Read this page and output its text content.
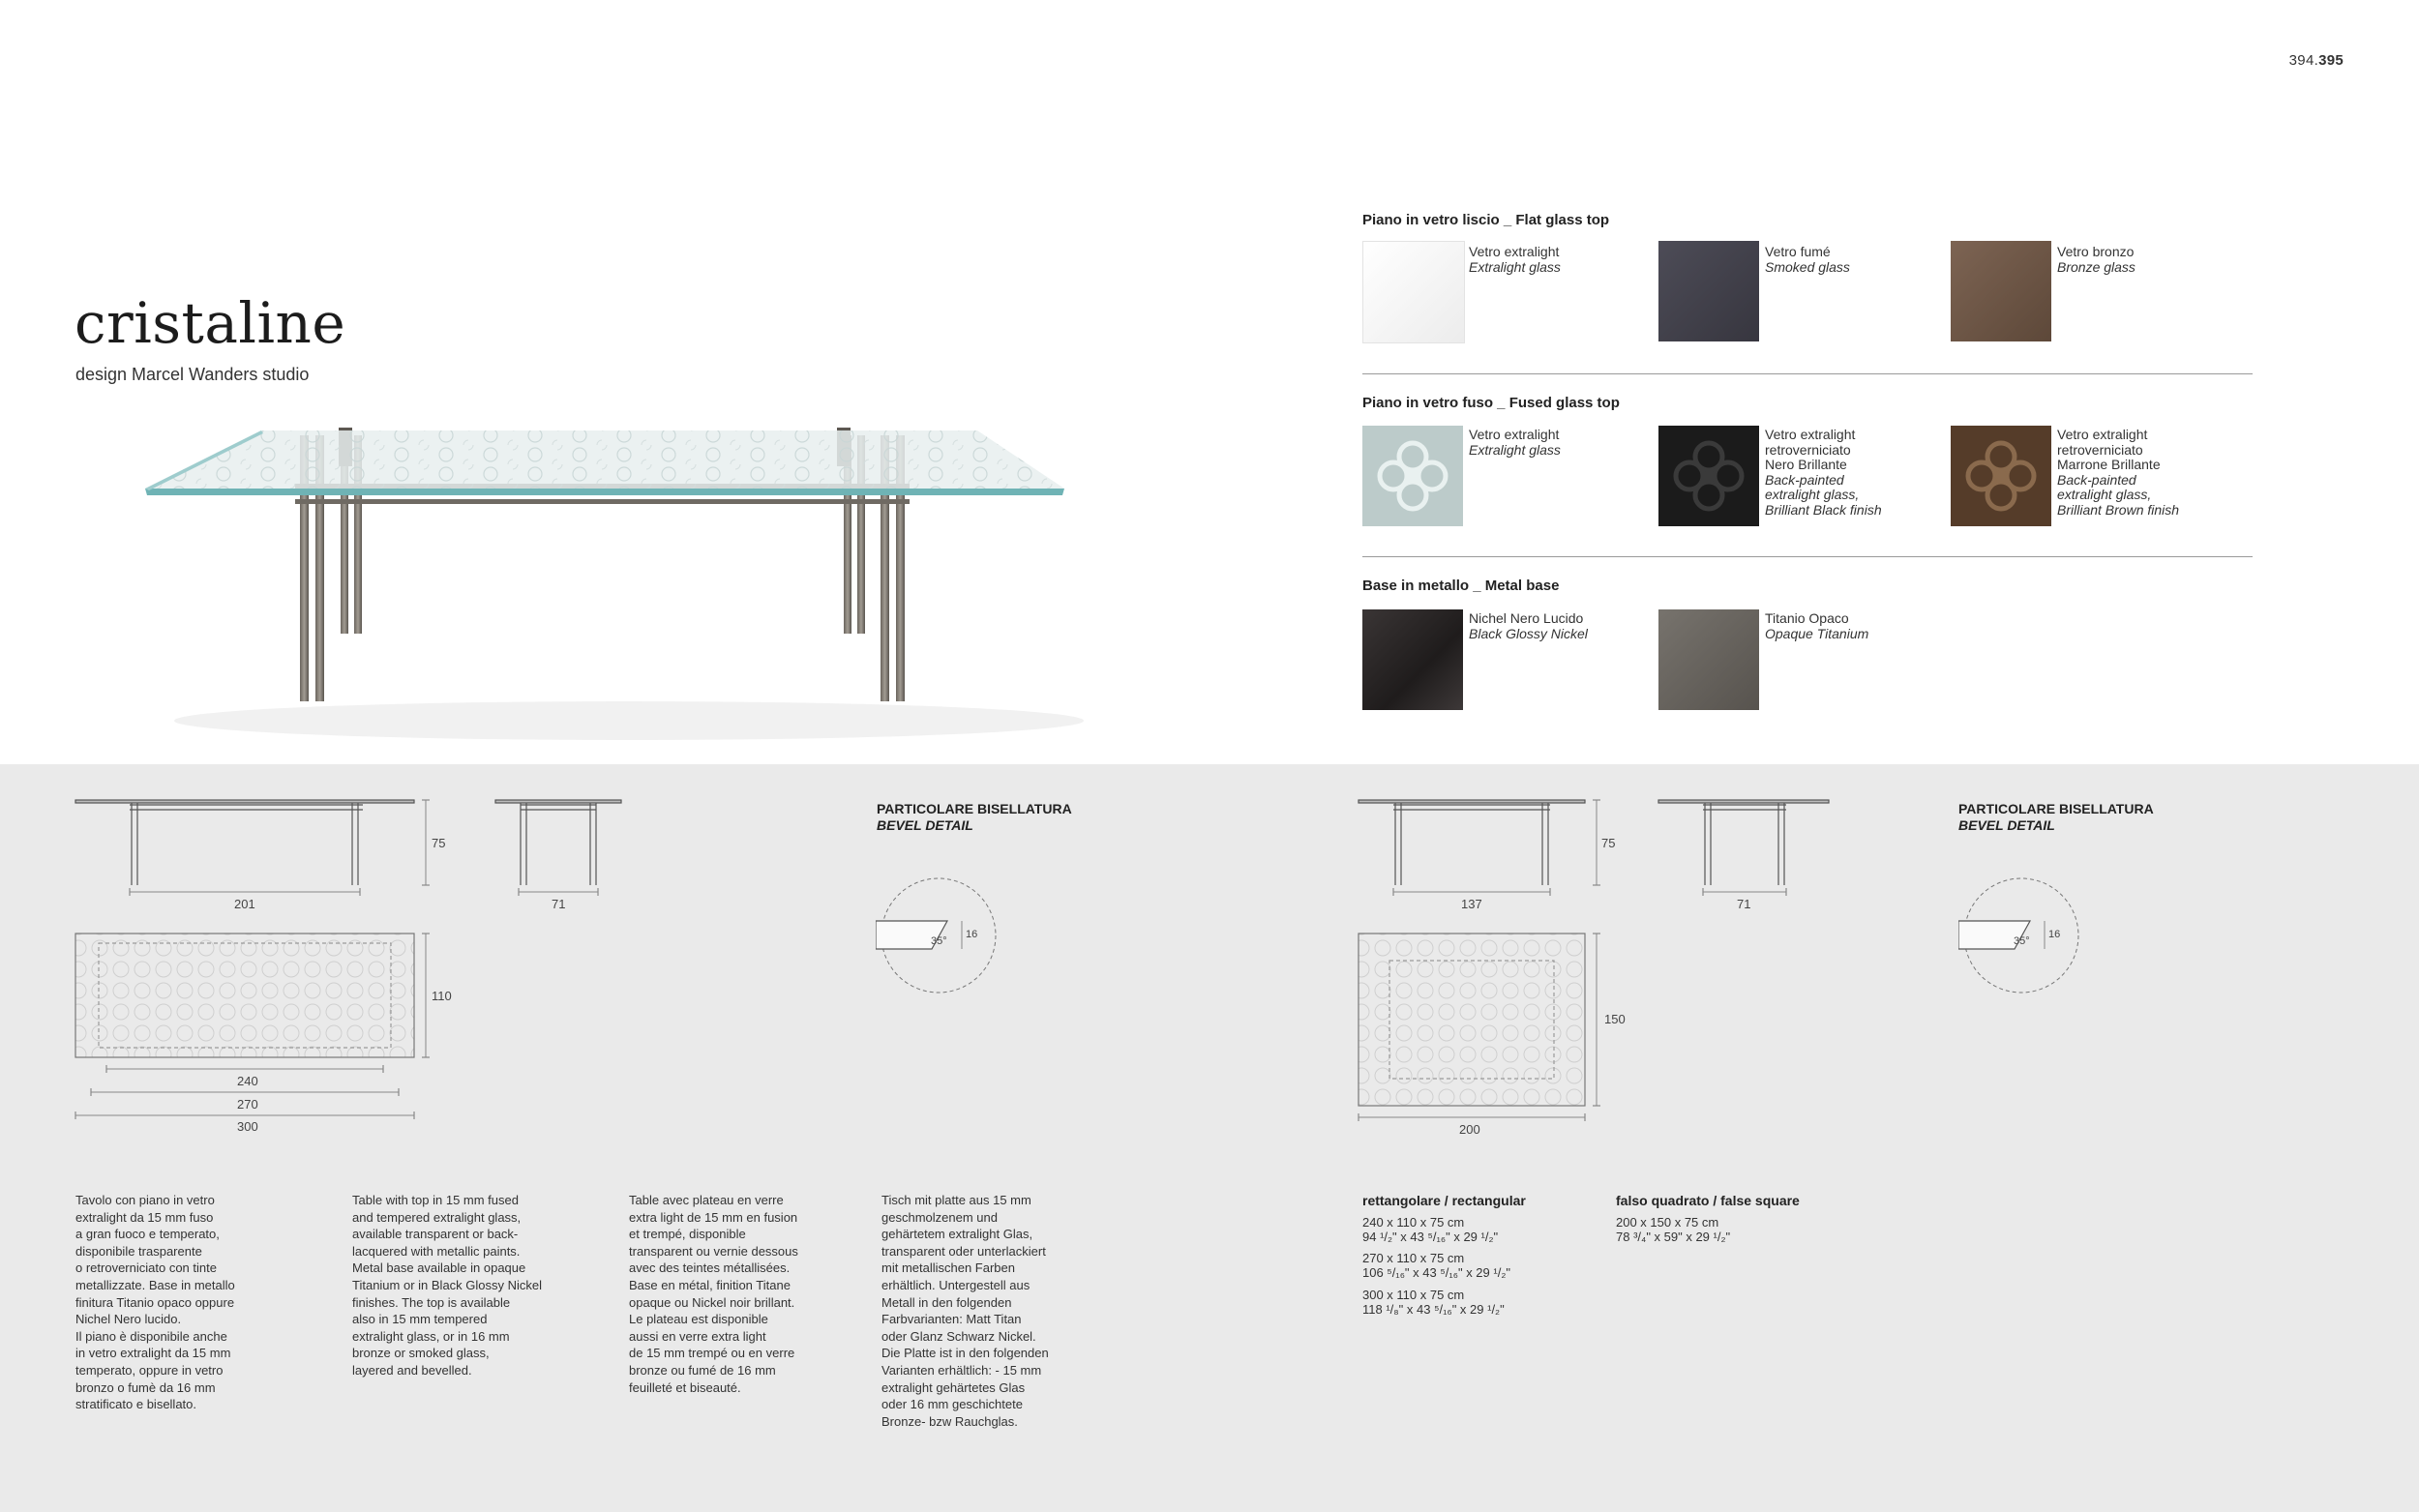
394.395
cristaline
design Marcel Wanders studio
Piano in vetro liscio _ Flat glass top
Vetro extralight
Extralight glass
Vetro fumé
Smoked glass
Vetro bronzo
Bronze glass
Piano in vetro fuso _ Fused glass top
Vetro extralight
Extralight glass
Vetro extralight
retroverniciato
Nero Brillante
Back-painted
extralight glass,
Brilliant Black finish
Vetro extralight
retroverniciato
Marrone Brillante
Back-painted
extralight glass,
Brilliant Brown finish
Base in metallo _ Metal base
Nichel Nero Lucido
Black Glossy Nickel
Titanio Opaco
Opaque Titanium
201
75
71
110
240
270
300
PARTICOLARE BISELLATURA
BEVEL DETAIL
35°
16
137
75
71
150
200
PARTICOLARE BISELLATURA
BEVEL DETAIL
35°
16
Tavolo con piano in vetro
extralight da 15 mm fuso
a gran fuoco e temperato,
disponibile trasparente
o retroverniciato con tinte
metallizzate. Base in metallo
finitura Titanio opaco oppure
Nichel Nero lucido.
Il piano è disponibile anche
in vetro extralight da 15 mm
temperato, oppure in vetro
bronzo o fumè da 16 mm
stratificato e bisellato.
Table with top in 15 mm fused
and tempered extralight glass,
available transparent or back-
lacquered with metallic paints.
Metal base available in opaque
Titanium or in Black Glossy Nickel
finishes. The top is available
also in 15 mm tempered
extralight glass, or in 16 mm
bronze or smoked glass,
layered and bevelled.
Table avec plateau en verre
extra light de 15 mm en fusion
et trempé, disponible
transparent ou vernie dessous
avec des teintes métallisées.
Base en métal, finition Titane
opaque ou Nickel noir brillant.
Le plateau est disponible
aussi en verre extra light
de 15 mm trempé ou en verre
bronze ou fumé de 16 mm
feuilleté et biseauté.
Tisch mit platte aus 15 mm
geschmolzenem und
gehärtetem extralight Glas,
transparent oder unterlackiert
mit metallischen Farben
erhältlich. Untergestell aus
Metall in den folgenden
Farbvarianten: Matt Titan
oder Glanz Schwarz Nickel.
Die Platte ist in den folgenden
Varianten erhältlich: - 15 mm
extralight gehärtetes Glas
oder 16 mm geschichtete
Bronze- bzw Rauchglas.
rettangolare / rectangular
240 x 110 x 75 cm
94 ¹/₂" x 43 ⁵/₁₆" x 29 ¹/₂"
270 x 110 x 75 cm
106 ⁵/₁₆" x 43 ⁵/₁₆" x 29 ¹/₂"
300 x 110 x 75 cm
118 ¹/₈" x 43 ⁵/₁₆" x 29 ¹/₂"
falso quadrato / false square
200 x 150 x 75 cm
78 ³/₄" x 59" x 29 ¹/₂"
